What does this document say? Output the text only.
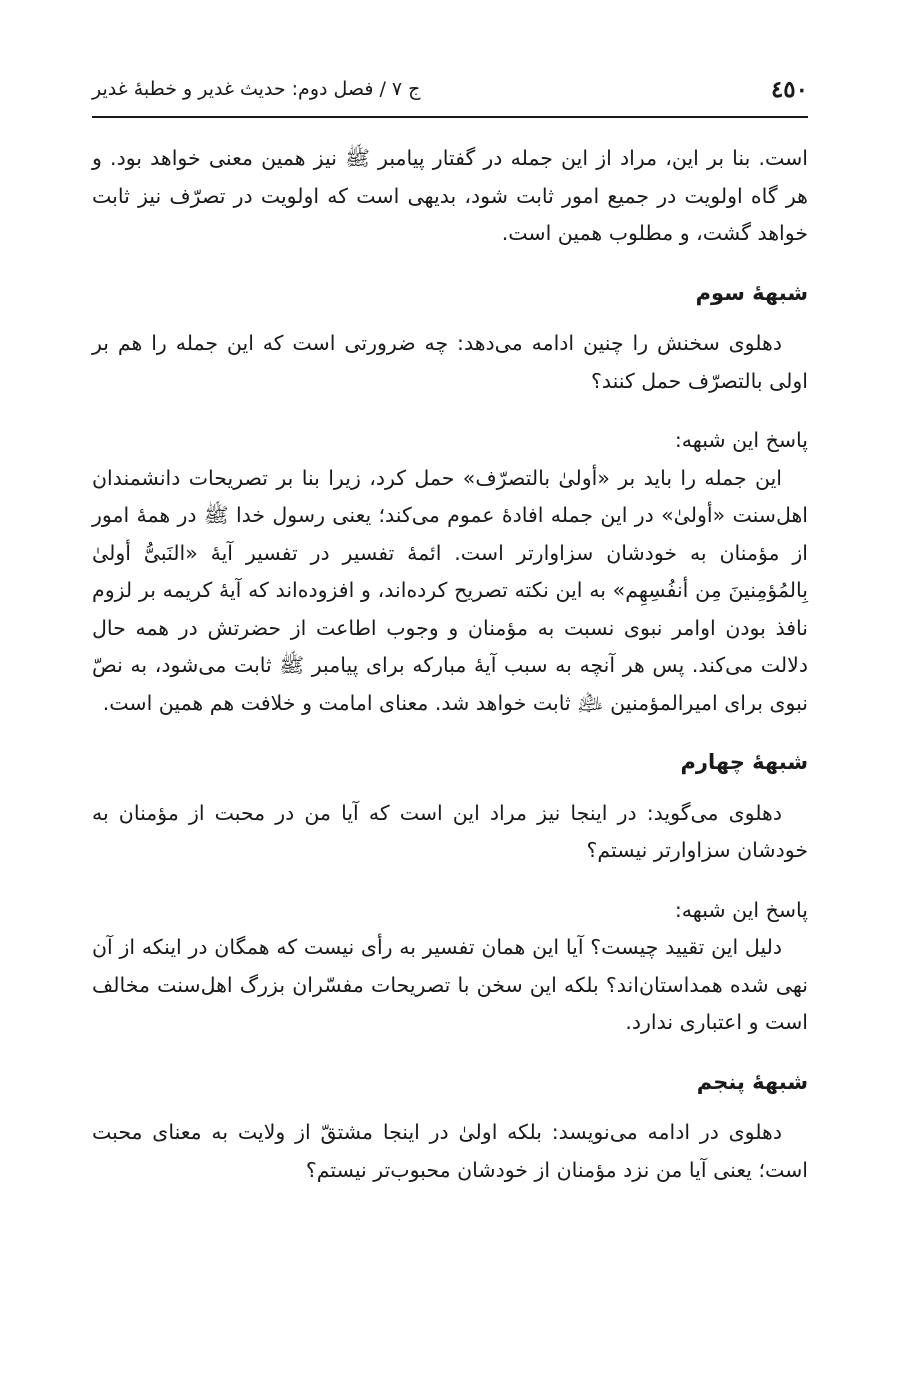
٤٥٠
ج ٧ / فصل دوم: حدیث غدیر و خطبهٔ غدیر

است. بنا بر این، مراد از این جمله در گفتار پیامبر ﷺ نیز همین معنی خواهد بود. و هر گاه اولویت در جمیع امور ثابت شود، بدیهی است که اولویت در تصرّف نیز ثابت خواهد گشت، و مطلوب همین است.

شبههٔ سوم

دهلوی سخنش را چنین ادامه می‌دهد: چه ضرورتی است که این جمله را هم بر اولی بالتصرّف حمل کنند؟

پاسخ این شبهه:

این جمله را باید بر «أولیٰ بالتصرّف» حمل کرد، زیرا بنا بر تصریحات دانشمندان اهل‌سنت «أولیٰ» در این جمله افادهٔ عموم می‌کند؛ یعنی رسول خدا ﷺ در همهٔ امور از مؤمنان به خودشان سزاوارتر است. ائمهٔ تفسیر در تفسیر آیهٔ «النَبیُّ أولیٰ بِالمُؤمِنینَ مِن أنفُسِهِم» به این نکته تصریح کرده‌اند، و افزوده‌اند که آیهٔ کریمه بر لزوم نافذ بودن اوامر نبوی نسبت به مؤمنان و وجوب اطاعت از حضرتش در همه حال دلالت می‌کند. پس هر آنچه به سبب آیهٔ مبارکه برای پیامبر ﷺ ثابت می‌شود، به نصّ نبوی برای امیرالمؤمنین ﵇ ثابت خواهد شد. معنای امامت و خلافت هم همین است.

شبههٔ چهارم

دهلوی می‌گوید: در اینجا نیز مراد این است که آیا من در محبت از مؤمنان به خودشان سزاوارتر نیستم؟

پاسخ این شبهه:

دلیل این تقیید چیست؟ آیا این همان تفسیر به رأی نیست که همگان در اینکه از آن نهی شده همداستان‌اند؟ بلکه این سخن با تصریحات مفسّران بزرگ اهل‌سنت مخالف است و اعتباری ندارد.

شبههٔ پنجم

دهلوی در ادامه می‌نویسد: بلکه اولیٰ در اینجا مشتقّ از ولایت به معنای محبت است؛ یعنی آیا من نزد مؤمنان از خودشان محبوب‌تر نیستم؟
